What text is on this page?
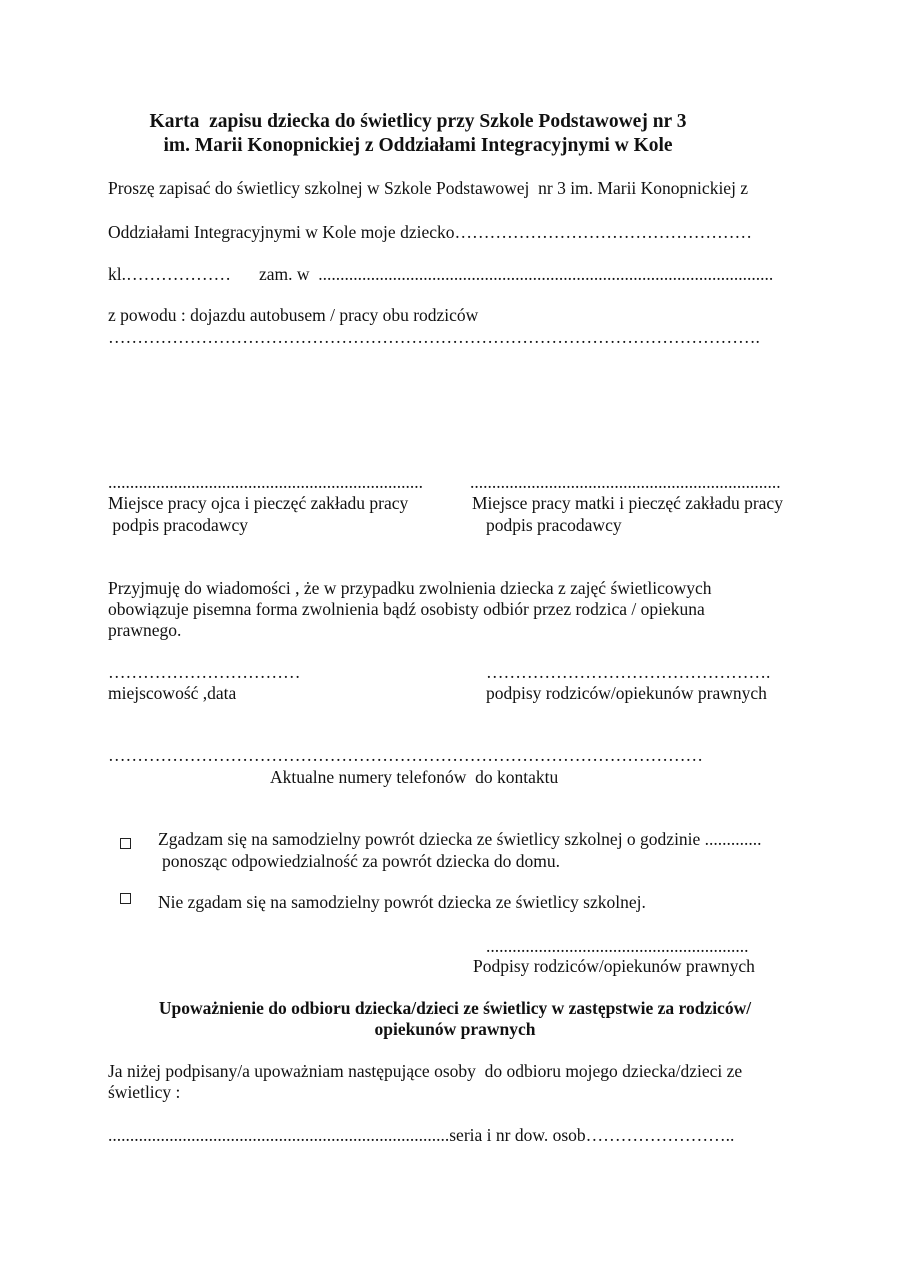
Karta  zapisu dziecka do świetlicy przy Szkole Podstawowej nr 3
im. Marii Konopnickiej z Oddziałami Integracyjnymi w Kole
Proszę zapisać do świetlicy szkolnej w Szkole Podstawowej  nr 3 im. Marii Konopnickiej z
Oddziałami Integracyjnymi w Kole moje dziecko……………………………………………
kl.……………… zam. w  ........................................................................................................
z powodu : dojazdu autobusem / pracy obu rodziców
………………………………………………………………………………………………….
........................................................................
Miejsce pracy ojca i pieczęć zakładu pracy
podpis pracodawcy
.......................................................................
Miejsce pracy matki i pieczęć zakładu pracy
podpis pracodawcy
Przyjmuję do wiadomości , że w przypadku zwolnienia dziecka z zajęć świetlicowych
obowiązuje pisemna forma zwolnienia bądź osobisty odbiór przez rodzica / opiekuna
prawnego.
……………………………
miejscowość ,data
………………………………………….
podpisy rodziców/opiekunów prawnych
…………………………………………………………………………………………
Aktualne numery telefonów  do kontaktu
Zgadzam się na samodzielny powrót dziecka ze świetlicy szkolnej o godzinie .............
ponosząc odpowiedzialność za powrót dziecka do domu.
Nie zgadam się na samodzielny powrót dziecka ze świetlicy szkolnej.
............................................................
Podpisy rodziców/opiekunów prawnych
Upoważnienie do odbioru dziecka/dzieci ze świetlicy w zastępstwie za rodziców/
opiekunów prawnych
Ja niżej podpisany/a upoważniam następujące osoby  do odbioru mojego dziecka/dzieci ze
świetlicy :
..............................................................................seria i nr dow. osob……………………..
